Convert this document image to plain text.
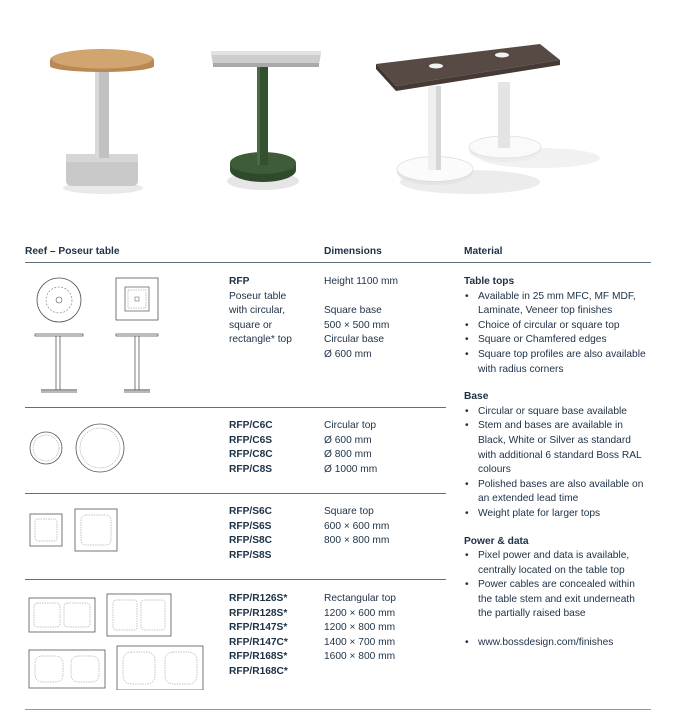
Reef – Poseur table	Dimensions	Material
RFP
Poseur table
with circular,
square or
rectangle* top
Height 1100 mm
Square base
500 × 500 mm
Circular base
Ø 600 mm
RFP/C6C
RFP/C6S
RFP/C8C
RFP/C8S
Circular top
Ø 600 mm
Ø 800 mm
Ø 1000 mm
RFP/S6C
RFP/S6S
RFP/S8C
RFP/S8S
Square top
600 × 600 mm
800 × 800 mm
RFP/R126S*
RFP/R128S*
RFP/R147S*
RFP/R147C*
RFP/R168S*
RFP/R168C*
Rectangular top
1200 × 600 mm
1200 × 800 mm
1400 × 700 mm
1600 × 800 mm
Table tops
• Available in 25 mm MFC, MF MDF, Laminate, Veneer top finishes
• Choice of circular or square top
• Square or Chamfered edges
• Square top profiles are also available with radius corners
Base
• Circular or square base available
• Stem and bases are available in Black, White or Silver as standard with additional 6 standard Boss RAL colours
• Polished bases are also available on an extended lead time
• Weight plate for larger tops
Power & data
• Pixel power and data is available, centrally located on the table top
• Power cables are concealed within the table stem and exit underneath the partially raised base
• www.bossdesign.com/finishes
